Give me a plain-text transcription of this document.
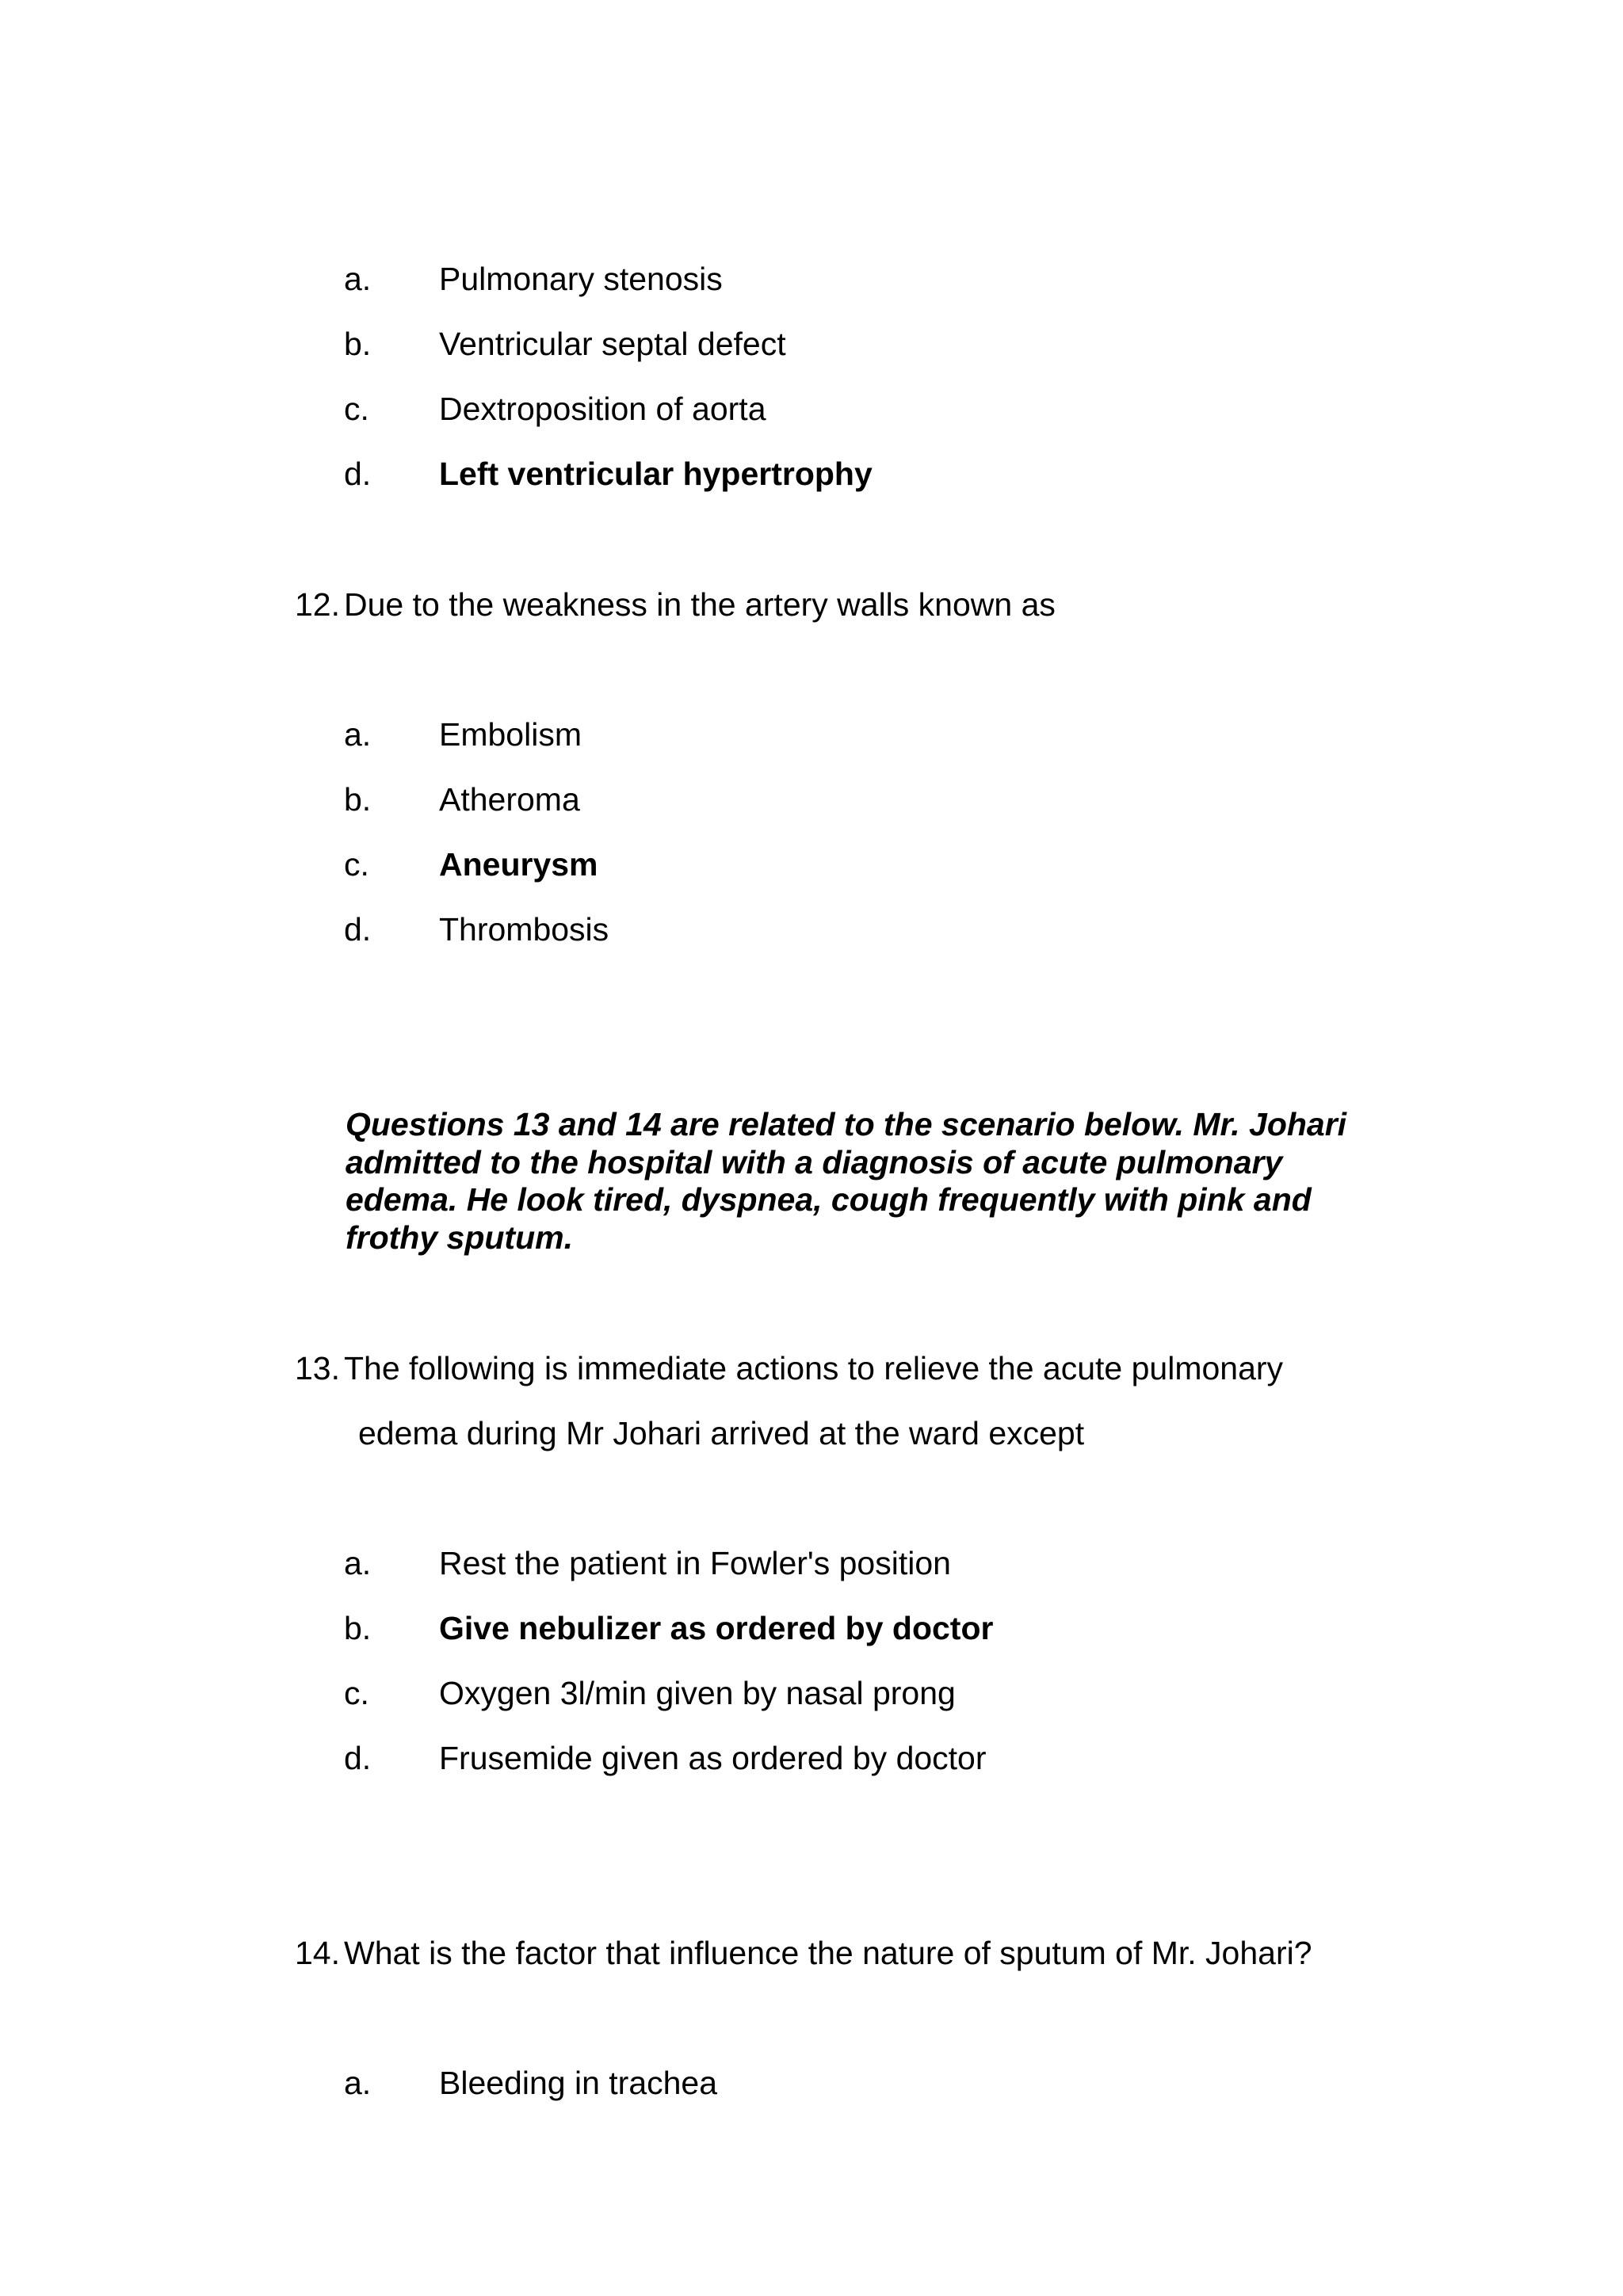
a. Pulmonary stenosis
b. Ventricular septal defect
c. Dextroposition of aorta
d. Left ventricular hypertrophy
12. Due to the weakness in the artery walls known as
a. Embolism
b. Atheroma
c. Aneurysm
d. Thrombosis
Questions 13 and 14 are related to the scenario below. Mr. Johari
admitted to the hospital with a diagnosis of acute pulmonary
edema. He look tired, dyspnea, cough frequently with pink and
frothy sputum.
13. The following is immediate actions to relieve the acute pulmonary
edema during Mr Johari arrived at the ward except
a. Rest the patient in Fowler's position
b. Give nebulizer as ordered by doctor
c. Oxygen 3l/min given by nasal prong
d. Frusemide given as ordered by doctor
14. What is the factor that influence the nature of sputum of Mr. Johari?
a. Bleeding in trachea
